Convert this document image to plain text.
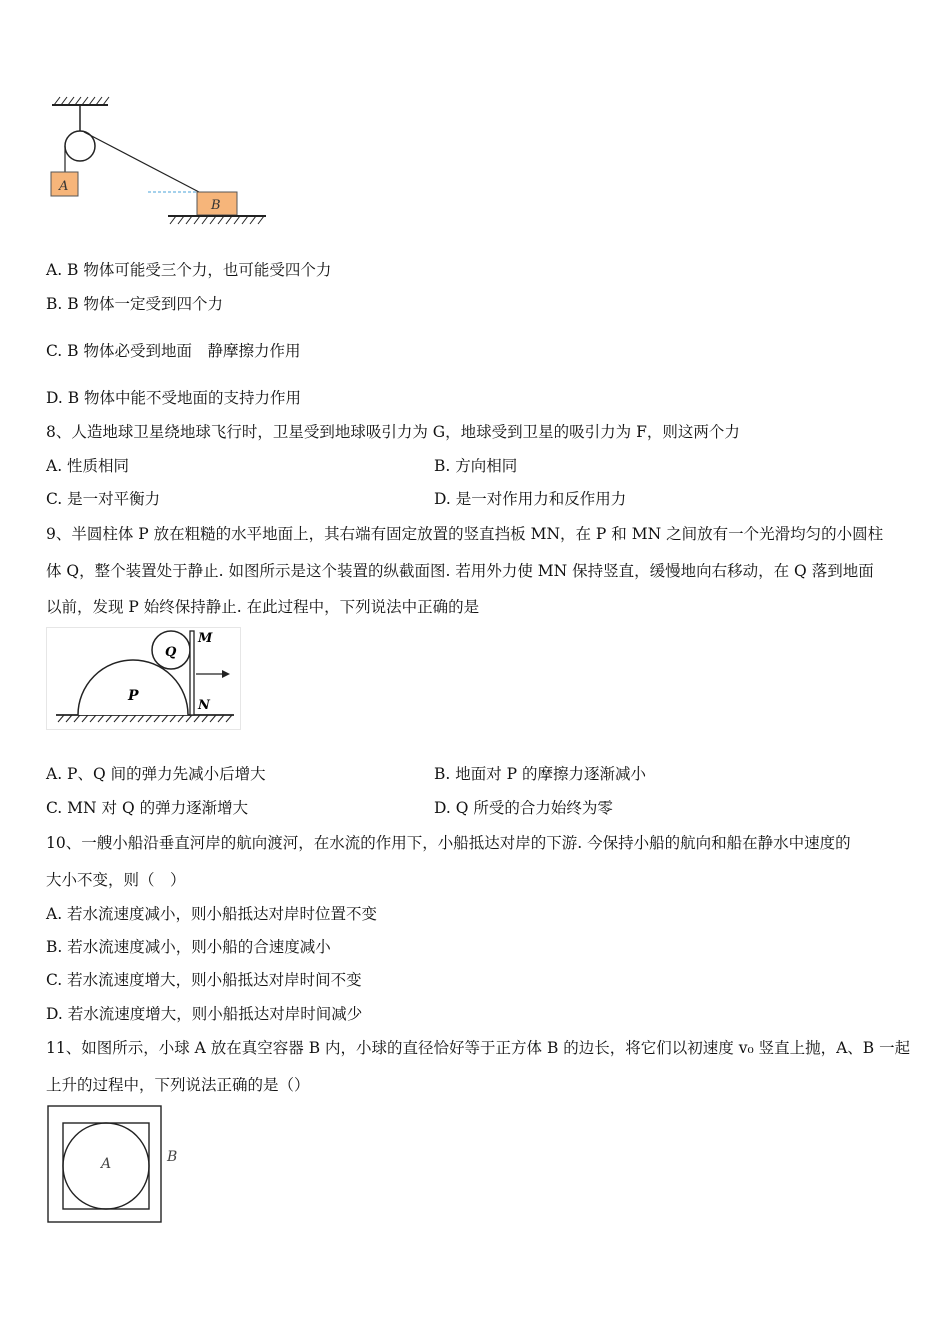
A
B
A. B 物体可能受三个力，也可能受四个力
B. B 物体一定受到四个力
C. B 物体必受到地面　静摩擦力作用
D. B 物体中能不受地面的支持力作用
8、人造地球卫星绕地球飞行时，卫星受到地球吸引力为 G，地球受到卫星的吸引力为 F，则这两个力
A. 性质相同	B. 方向相同
C. 是一对平衡力	D. 是一对作用力和反作用力
9、半圆柱体 P 放在粗糙的水平地面上，其右端有固定放置的竖直挡板 MN，在 P 和 MN 之间放有一个光滑均匀的小圆柱
体 Q，整个装置处于静止. 如图所示是这个装置的纵截面图. 若用外力使 MN 保持竖直，缓慢地向右移动，在 Q 落到地面
以前，发现 P 始终保持静止. 在此过程中，下列说法中正确的是
P
Q
M
N
A. P、Q 间的弹力先减小后增大	B. 地面对 P 的摩擦力逐渐减小
C. MN 对 Q 的弹力逐渐增大	D. Q 所受的合力始终为零
10、一艘小船沿垂直河岸的航向渡河，在水流的作用下，小船抵达对岸的下游. 今保持小船的航向和船在静水中速度的
大小不变，则（　）
A. 若水流速度减小，则小船抵达对岸时位置不变
B. 若水流速度减小，则小船的合速度减小
C. 若水流速度增大，则小船抵达对岸时间不变
D. 若水流速度增大，则小船抵达对岸时间减少
11、如图所示，小球 A 放在真空容器 B 内，小球的直径恰好等于正方体 B 的边长，将它们以初速度 v₀ 竖直上抛，A、B 一起
上升的过程中，下列说法正确的是（）
A	B
